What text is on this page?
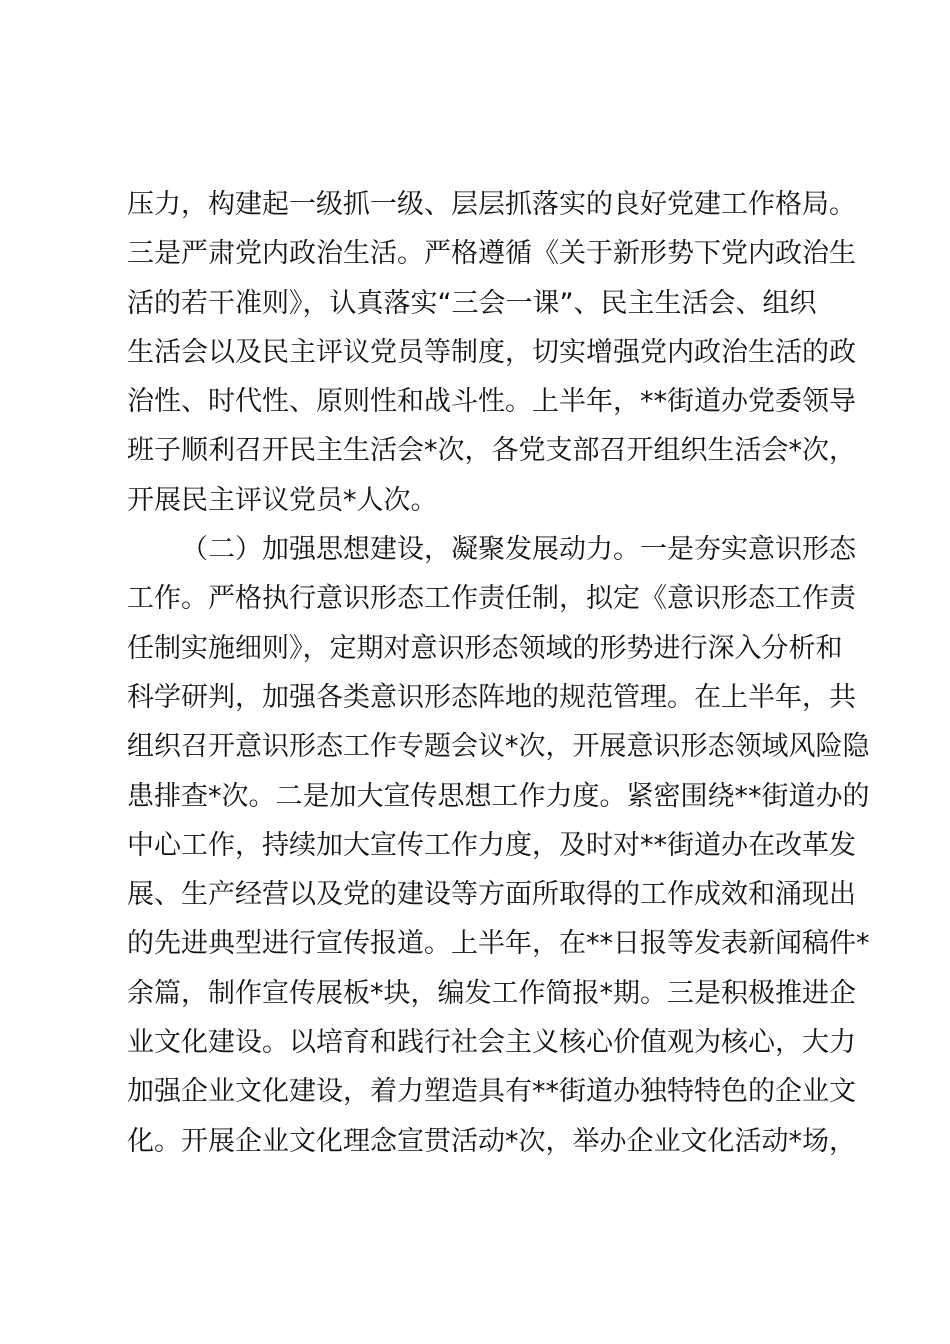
压力，构建起一级抓一级、层层抓落实的良好党建工作格局。
三是严肃党内政治生活。严格遵循《关于新形势下党内政治生
活的若干准则》，认真落实“三会一课”、民主生活会、组织
生活会以及民主评议党员等制度，切实增强党内政治生活的政
治性、时代性、原则性和战斗性。上半年，**街道办党委领导
班子顺利召开民主生活会*次，各党支部召开组织生活会*次，
开展民主评议党员*人次。
（二）加强思想建设，凝聚发展动力。一是夯实意识形态
工作。严格执行意识形态工作责任制，拟定《意识形态工作责
任制实施细则》，定期对意识形态领域的形势进行深入分析和
科学研判，加强各类意识形态阵地的规范管理。在上半年，共
组织召开意识形态工作专题会议*次，开展意识形态领域风险隐
患排查*次。二是加大宣传思想工作力度。紧密围绕**街道办的
中心工作，持续加大宣传工作力度，及时对**街道办在改革发
展、生产经营以及党的建设等方面所取得的工作成效和涌现出
的先进典型进行宣传报道。上半年，在**日报等发表新闻稿件*
余篇，制作宣传展板*块，编发工作简报*期。三是积极推进企
业文化建设。以培育和践行社会主义核心价值观为核心，大力
加强企业文化建设，着力塑造具有**街道办独特特色的企业文
化。开展企业文化理念宣贯活动*次，举办企业文化活动*场，
